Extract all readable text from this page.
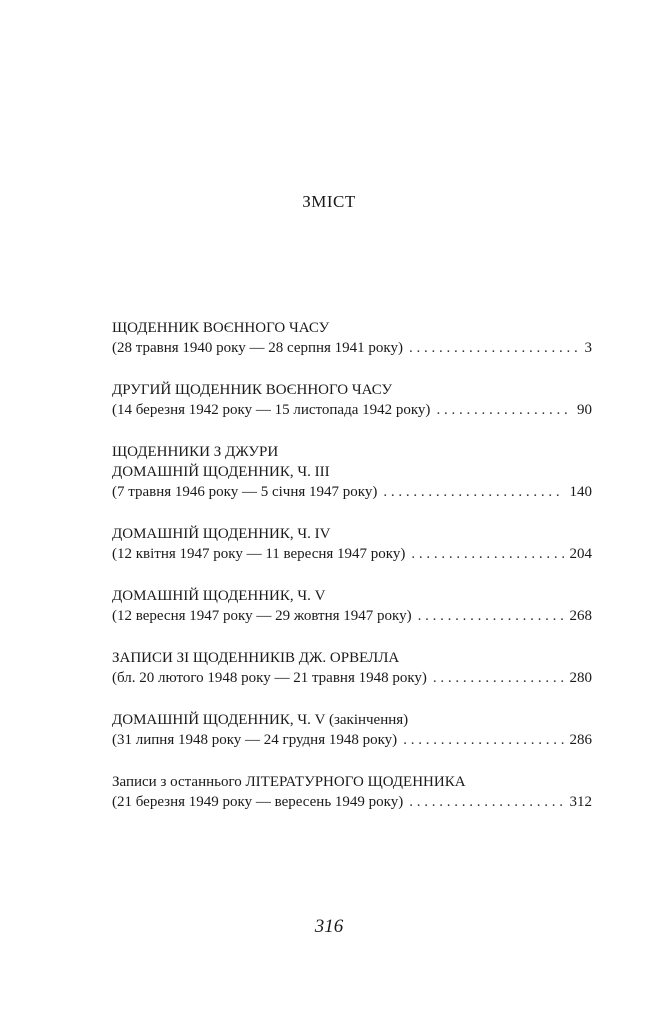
ЗМІСТ
ЩОДЕННИК ВОЄННОГО ЧАСУ
(28 травня 1940 року — 28 серпня 1941 року) . . .	3
ДРУГИЙ ЩОДЕННИК ВОЄННОГО ЧАСУ
(14 березня 1942 року — 15 листопада 1942 року) . . .	90
ЩОДЕННИКИ З ДЖУРИ
ДОМАШНІЙ ЩОДЕННИК, Ч. III
(7 травня 1946 року — 5 січня 1947 року) . . .	140
ДОМАШНІЙ ЩОДЕННИК, Ч. IV
(12 квітня 1947 року — 11 вересня 1947 року) . . .	204
ДОМАШНІЙ ЩОДЕННИК, Ч. V
(12 вересня 1947 року — 29 жовтня 1947 року) . . .	268
ЗАПИСИ ЗІ ЩОДЕННИКІВ ДЖ. ОРВЕЛЛА
(бл. 20 лютого 1948 року — 21 травня 1948 року) . . .	280
ДОМАШНІЙ ЩОДЕННИК, Ч. V (закінчення)
(31 липня 1948 року — 24 грудня 1948 року) . . .	286
Записи з останнього ЛІТЕРАТУРНОГО ЩОДЕННИКА
(21 березня 1949 року — вересень 1949 року) . . .	312
316
